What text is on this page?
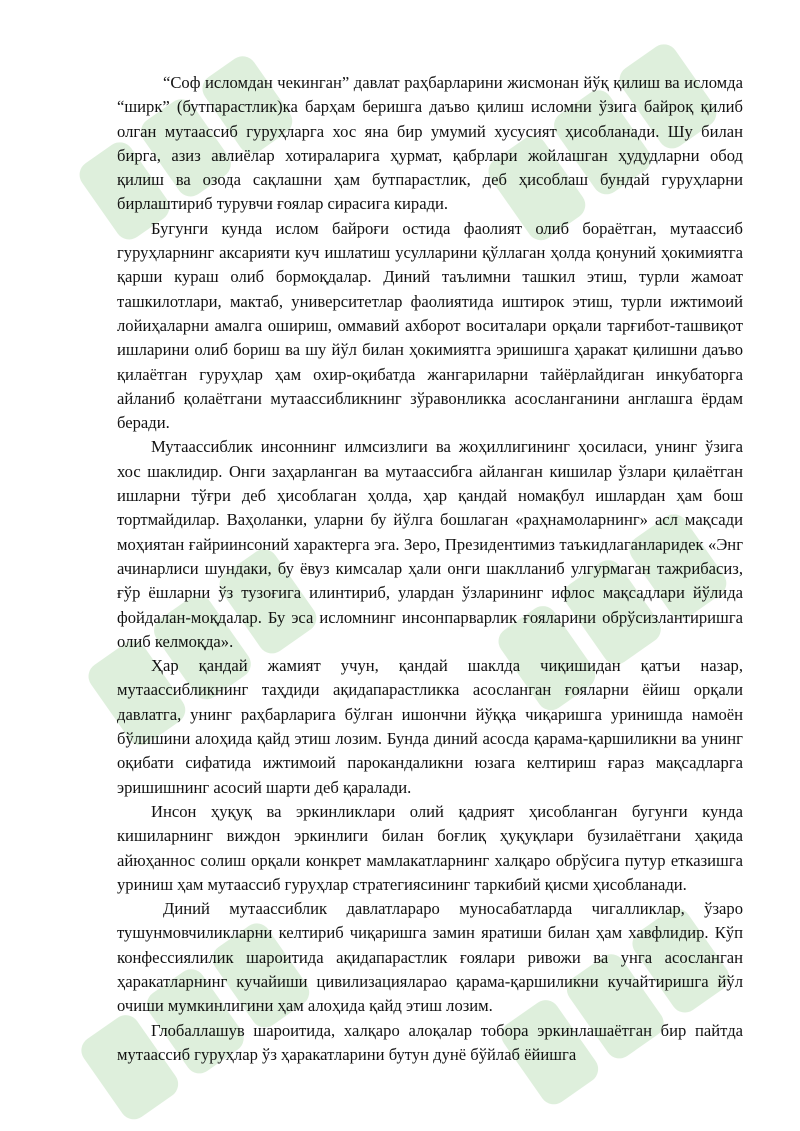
“Соф исломдан чекинган” давлат раҳбарларини жисмонан йўқ қилиш ва исломда “ширк” (бутпарастлик)ка барҳам беришга даъво қилиш исломни ўзига байроқ қилиб олган мутаассиб гуруҳларга хос яна бир умумий хусусият ҳисобланади. Шу билан бирга, азиз авлиёлар хотираларига ҳурмат, қабрлари жойлашган ҳудудларни обод қилиш ва озода сақлашни ҳам бутпарастлик, деб ҳисоблаш бундай гуруҳларни бирлаштириб турувчи ғоялар сирасига киради.

Бугунги кунда ислом байроғи остида фаолият олиб бораётган, мутаассиб гуруҳларнинг аксарияти куч ишлатиш усулларини қўллаган ҳолда қонуний ҳокимиятга қарши кураш олиб бормоқдалар. Диний таълимни ташкил этиш, турли жамоат ташкилотлари, мактаб, университетлар фаолиятида иштирок этиш, турли ижтимоий лойиҳаларни амалга ошириш, оммавий ахборот воситалари орқали тарғибот-ташвиқот ишларини олиб бориш ва шу йўл билан ҳокимиятга эришишга ҳаракат қилишни даъво қилаётган гуруҳлар ҳам охир-оқибатда жангариларни тайёрлайдиган инкубаторга айланиб қолаётгани мутаассибликнинг зўравонликка асосланганини англашга ёрдам беради.

Мутаассиблик инсоннинг илмсизлиги ва жоҳиллигининг ҳосиласи, унинг ўзига хос шаклидир. Онги заҳарланган ва мутаассибга айланган кишилар ўзлари қилаётган ишларни тўғри деб ҳисоблаган ҳолда, ҳар қандай номақбул ишлардан ҳам бош тортмайдилар. Ваҳоланки, уларни бу йўлга бошлаган «раҳнамоларнинг» асл мақсади моҳиятан ғайриинсоний характерга эга. Зеро, Президентимиз таъкидлаганларидек «Энг ачинарлиси шундаки, бу ёвуз кимсалар ҳали онги шаклланиб улгурмаган тажрибасиз, ғўр ёшларни ўз тузоғига илинтириб, улардан ўзларининг ифлос мақсадлари йўлида фойдалан-моқдалар. Бу эса исломнинг инсонпарварлик ғояларини обрўсизлантиришга олиб келмоқда».

Ҳар қандай жамият учун, қандай шаклда чиқишидан қатъи назар, мутаассибликнинг таҳдиди ақидапарастликка асосланган ғояларни ёйиш орқали давлатга, унинг раҳбарларига бўлган ишончни йўққа чиқаришга уринишда намоён бўлишини алоҳида қайд этиш лозим. Бунда диний асосда қарама-қаршиликни ва унинг оқибати сифатида ижтимоий парокандаликни юзага келтириш ғараз мақсадларга эришишнинг асосий шарти деб қаралади.

Инсон ҳуқуқ ва эркинликлари олий қадрият ҳисобланган бугунги кунда кишиларнинг виждон эркинлиги билан боғлиқ ҳуқуқлари бузилаётгани ҳақида айюҳаннос солиш орқали конкрет мамлакатларнинг халқаро обрўсига путур етказишга уриниш ҳам мутаассиб гуруҳлар стратегиясининг таркибий қисми ҳисобланади.

Диний мутаассиблик давлатлараро муносабатларда чигалликлар, ўзаро тушунмовчиликларни келтириб чиқаришга замин яратиши билан ҳам хавфлидир. Кўп конфессиялилик шароитида ақидапарастлик ғоялари ривожи ва унга асосланган ҳаракатларнинг кучайиши цивилизацияларао қарама-қаршиликни кучайтиришга йўл очиши мумкинлигини ҳам алоҳида қайд этиш лозим.

Глобаллашув шароитида, халқаро алоқалар тобора эркинлашаётган бир пайтда мутаассиб гуруҳлар ўз ҳаракатларини бутун дунё бўйлаб ёйишга
